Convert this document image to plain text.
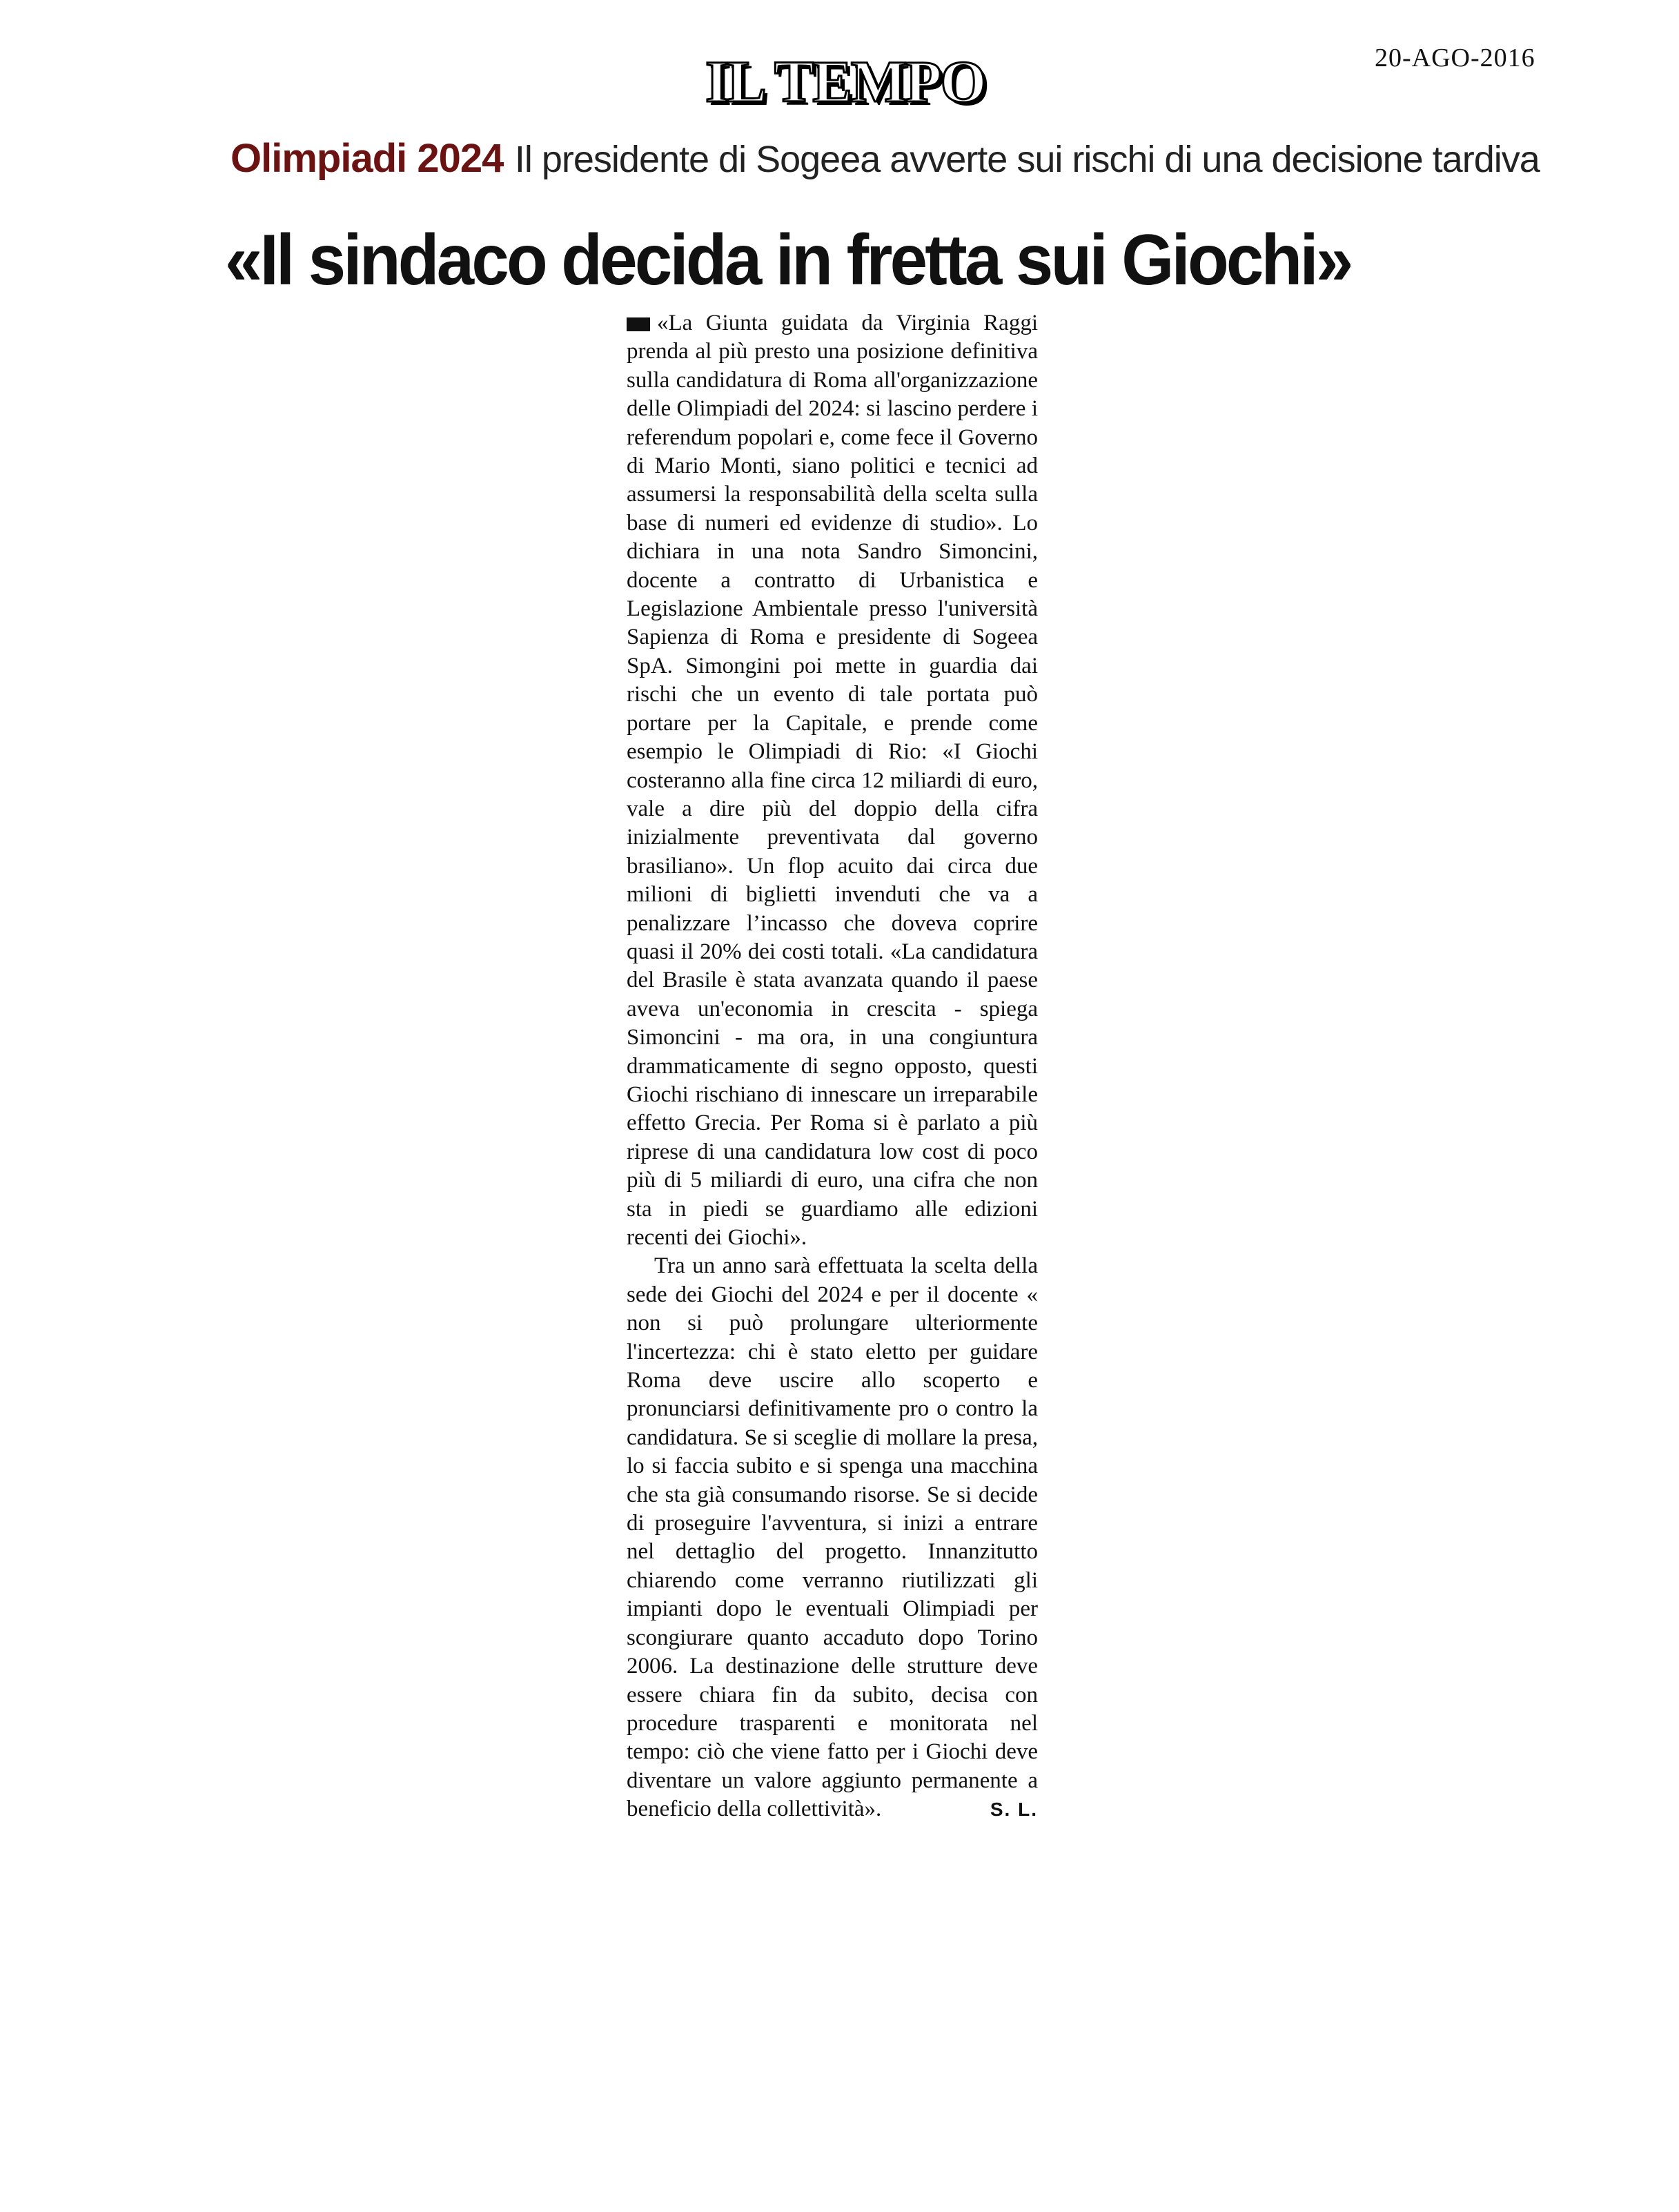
20-AGO-2016
IL TEMPO
Olimpiadi 2024 Il presidente di Sogeea avverte sui rischi di una decisione tardiva
«Il sindaco decida in fretta sui Giochi»

«La Giunta guidata da Virginia Raggi prenda al più presto una posizione definitiva sulla candidatura di Roma all'organizzazione delle Olimpiadi del 2024: si lascino perdere i referendum popolari e, come fece il Governo di Mario Monti, siano politici e tecnici ad assumersi la responsabilità della scelta sulla base di numeri ed evidenze di studio». Lo dichiara in una nota Sandro Simoncini, docente a contratto di Urbanistica e Legislazione Ambientale presso l'università Sapienza di Roma e presidente di Sogeea SpA. Simongini poi mette in guardia dai rischi che un evento di tale portata può portare per la Capitale, e prende come esempio le Olimpiadi di Rio: «I Giochi costeranno alla fine circa 12 miliardi di euro, vale a dire più del doppio della cifra inizialmente preventivata dal governo brasiliano». Un flop acuito dai circa due milioni di biglietti invenduti che va a penalizzare l’incasso che doveva coprire quasi il 20% dei costi totali. «La candidatura del Brasile è stata avanzata quando il paese aveva un'economia in crescita - spiega Simoncini - ma ora, in una congiuntura drammaticamente di segno opposto, questi Giochi rischiano di innescare un irreparabile effetto Grecia. Per Roma si è parlato a più riprese di una candidatura low cost di poco più di 5 miliardi di euro, una cifra che non sta in piedi se guardiamo alle edizioni recenti dei Giochi».

Tra un anno sarà effettuata la scelta della sede dei Giochi del 2024 e per il docente « non si può prolungare ulteriormente l'incertezza: chi è stato eletto per guidare Roma deve uscire allo scoperto e pronunciarsi definitivamente pro o contro la candidatura. Se si sceglie di mollare la presa, lo si faccia subito e si spenga una macchina che sta già consumando risorse. Se si decide di proseguire l'avventura, si inizi a entrare nel dettaglio del progetto. Innanzitutto chiarendo come verranno riutilizzati gli impianti dopo le eventuali Olimpiadi per scongiurare quanto accaduto dopo Torino 2006. La destinazione delle strutture deve essere chiara fin da subito, decisa con procedure trasparenti e monitorata nel tempo: ciò che viene fatto per i Giochi deve diventare un valore aggiunto permanente a beneficio della collettività».	S. L.
